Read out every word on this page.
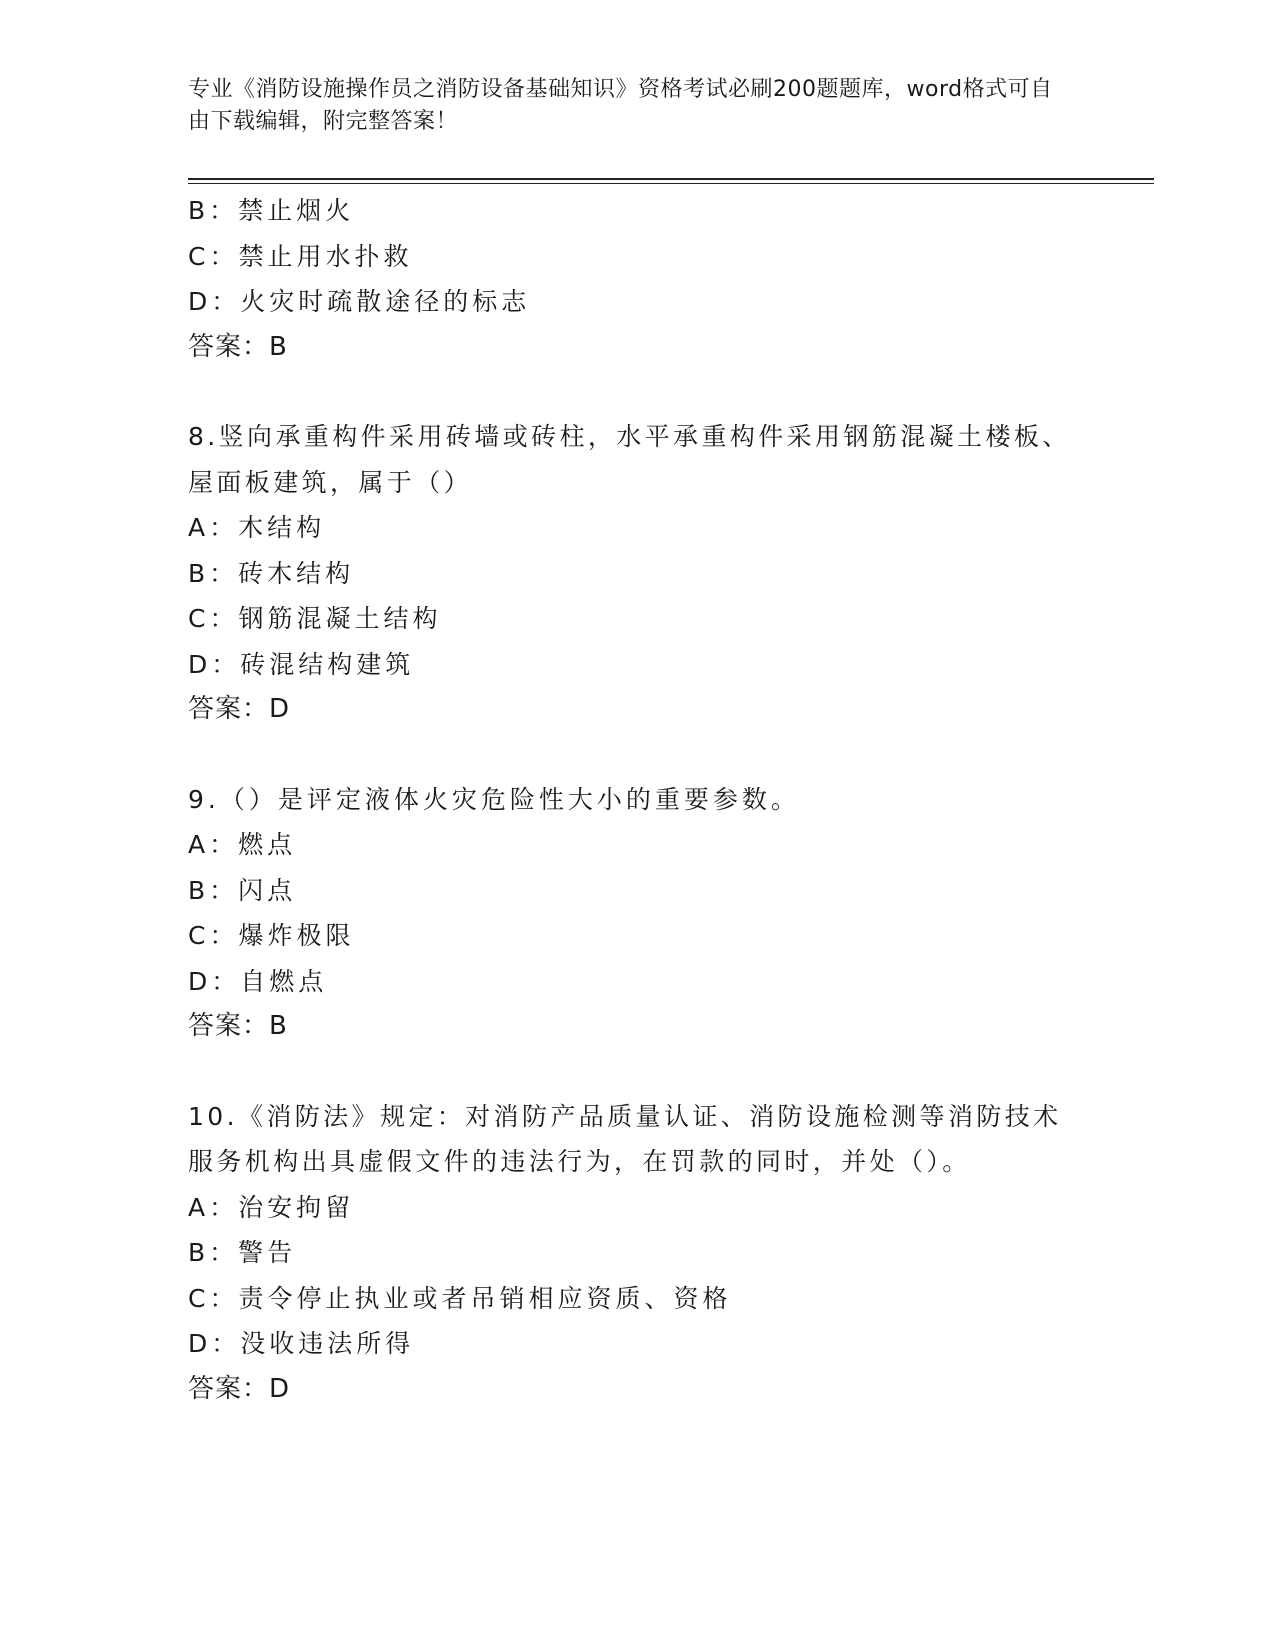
专业《消防设施操作员之消防设备基础知识》资格考试必刷200题题库，word格式可自由下载编辑，附完整答案！
B：禁止烟火
C：禁止用水扑救
D：火灾时疏散途径的标志
答案：B
8.竖向承重构件采用砖墙或砖柱，水平承重构件采用钢筋混凝土楼板、屋面板建筑，属于（）
A：木结构
B：砖木结构
C：钢筋混凝土结构
D：砖混结构建筑
答案：D
9.（）是评定液体火灾危险性大小的重要参数。
A：燃点
B：闪点
C：爆炸极限
D：自燃点
答案：B
10.《消防法》规定：对消防产品质量认证、消防设施检测等消防技术服务机构出具虚假文件的违法行为，在罚款的同时，并处（）。
A：治安拘留
B：警告
C：责令停止执业或者吊销相应资质、资格
D：没收违法所得
答案：D
